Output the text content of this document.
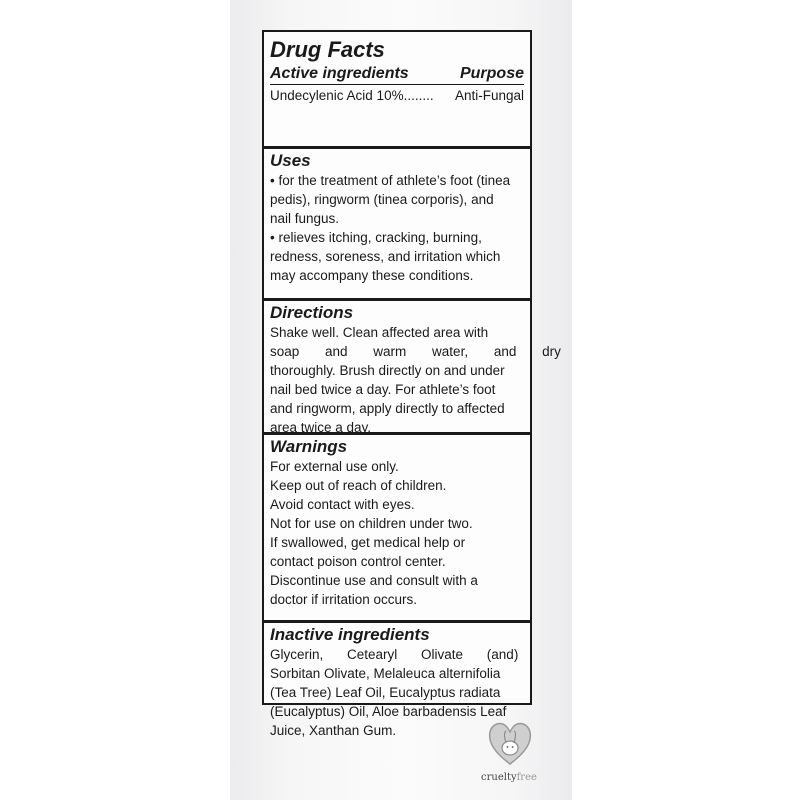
Drug Facts
Active ingredients	Purpose
Undecylenic Acid 10%........ Anti-Fungal
Uses
• for the treatment of athlete’s foot (tinea
pedis), ringworm (tinea corporis), and
nail fungus.
• relieves itching, cracking, burning,
redness, soreness, and irritation which
may accompany these conditions.
Directions
Shake well. Clean affected area with
soap and warm water, and dry
thoroughly. Brush directly on and under
nail bed twice a day. For athlete’s foot
and ringworm, apply directly to affected
area twice a day.
Warnings
For external use only.
Keep out of reach of children.
Avoid contact with eyes.
Not for use on children under two.
If swallowed, get medical help or
contact poison control center.
Discontinue use and consult with a
doctor if irritation occurs.
Inactive ingredients
Glycerin, Cetearyl Olivate (and)
Sorbitan Olivate, Melaleuca alternifolia
(Tea Tree) Leaf Oil, Eucalyptus radiata
(Eucalyptus) Oil, Aloe barbadensis Leaf
Juice, Xanthan Gum.
crueltyfree
